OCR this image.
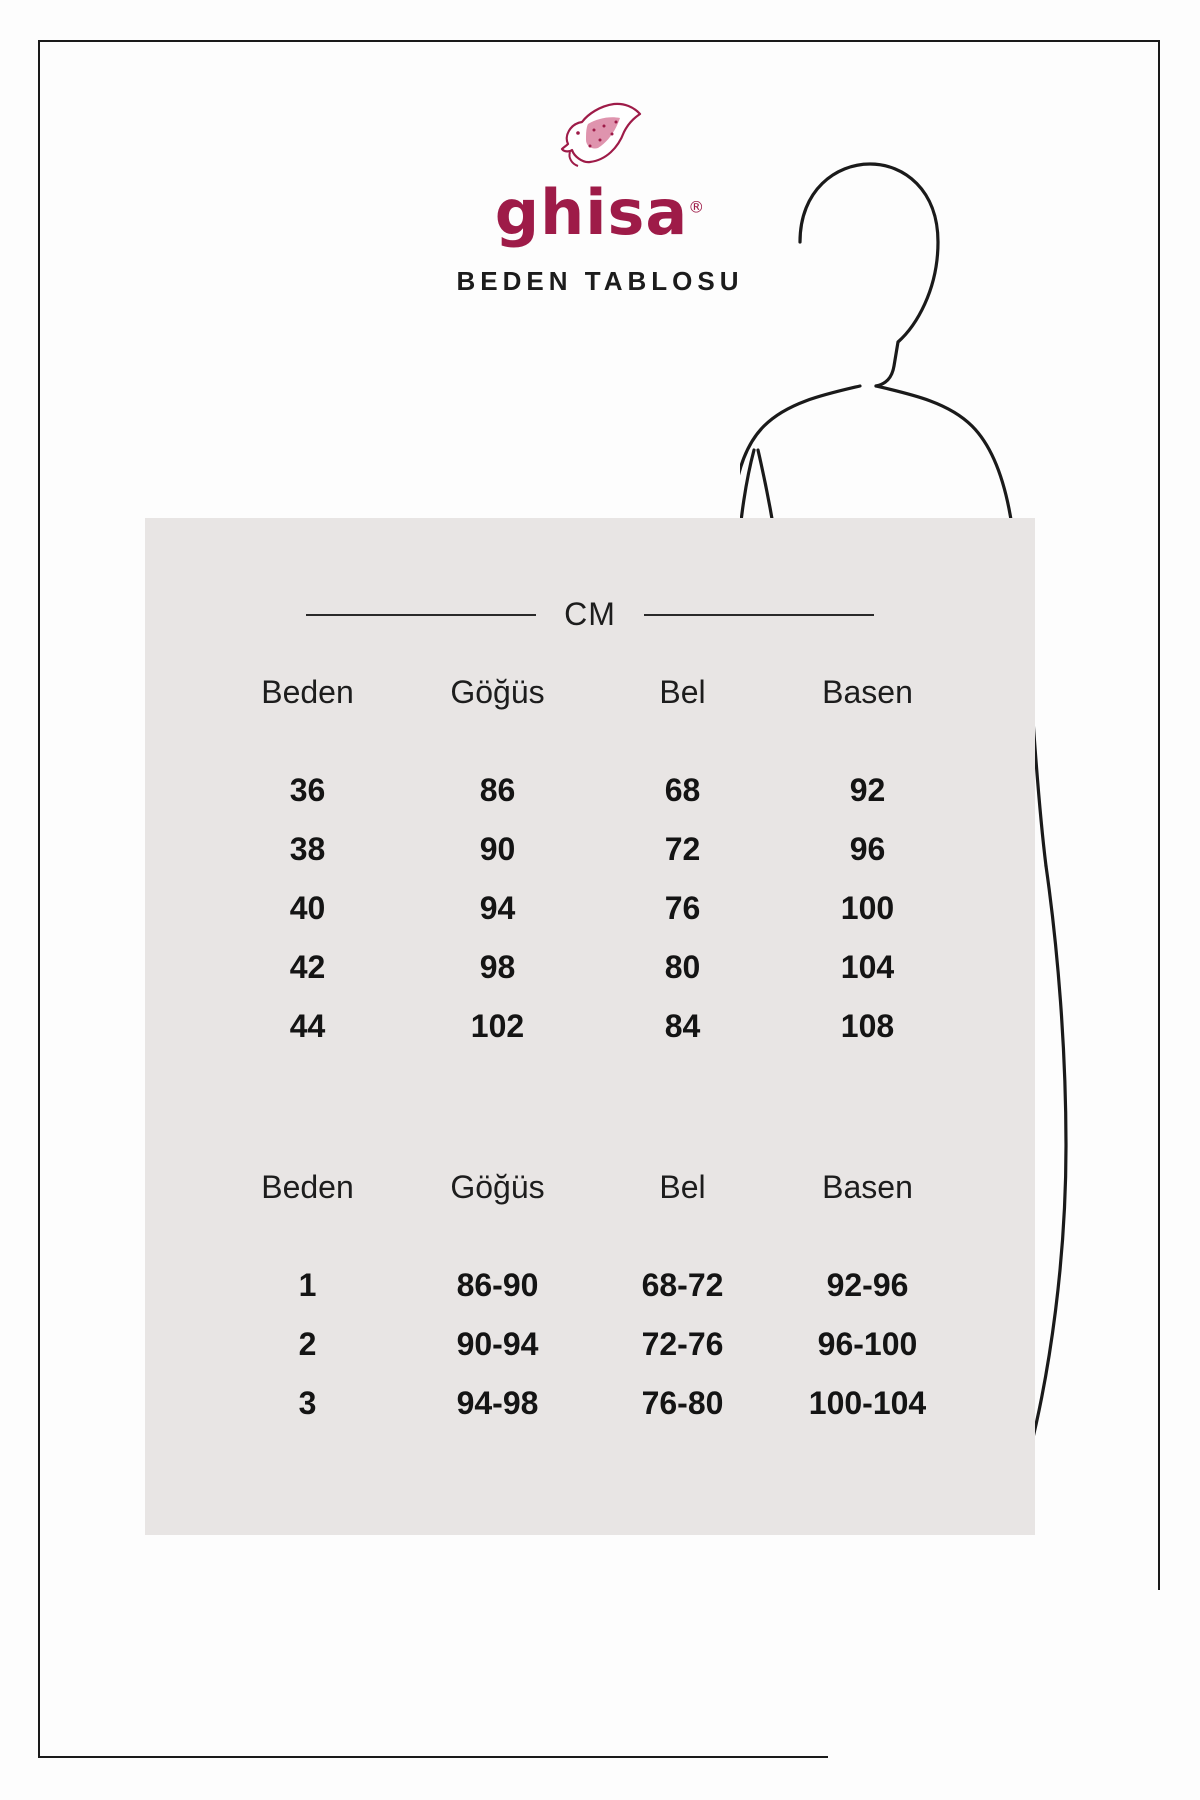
ghisa®
BEDEN TABLOSU
CM
Beden	Göğüs	Bel	Basen
36	86	68	92
38	90	72	96
40	94	76	100
42	98	80	104
44	102	84	108
Beden	Göğüs	Bel	Basen
1	86-90	68-72	92-96
2	90-94	72-76	96-100
3	94-98	76-80	100-104
